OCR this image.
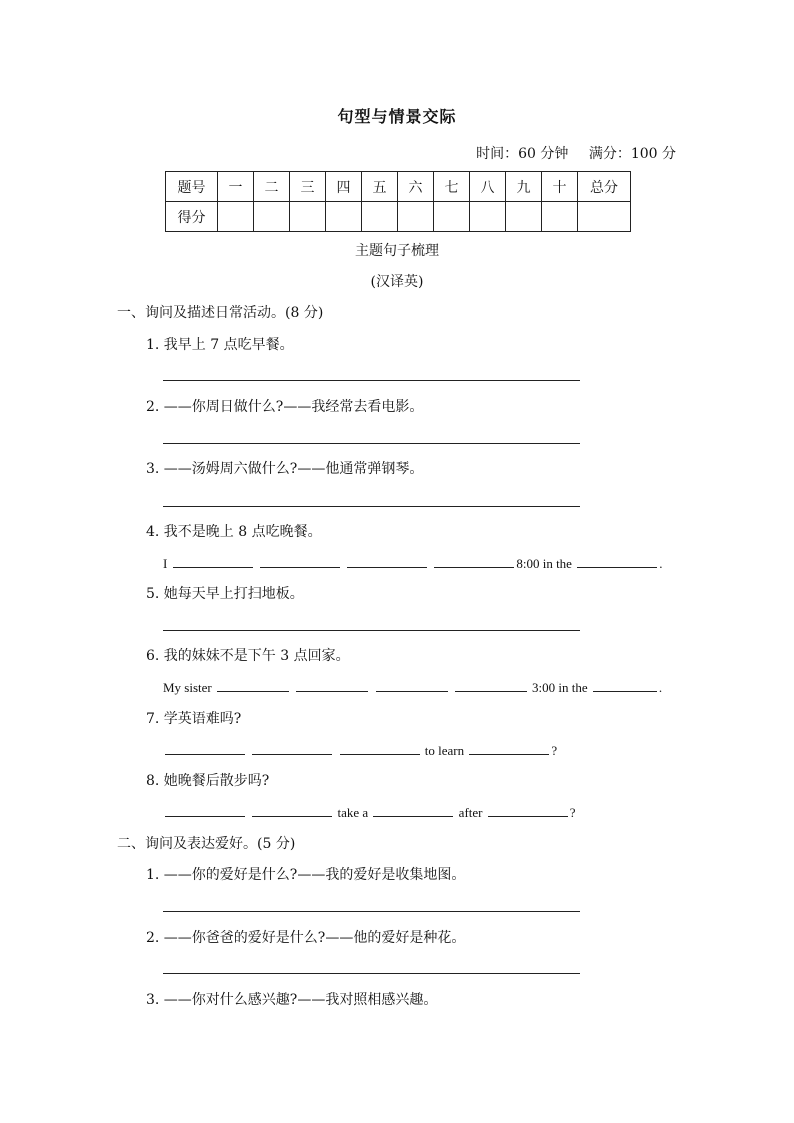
句型与情景交际
时间：60 分钟 满分：100 分
题号	一	二	三	四	五	六	七	八	九	十	总分
得分											
主题句子梳理
(汉译英)
一、询问及描述日常活动。(8 分)
1. 我早上 7 点吃早餐。
2. ——你周日做什么?——我经常去看电影。
3. ——汤姆周六做什么?——他通常弹钢琴。
4. 我不是晚上 8 点吃晚餐。
I	8:00 in the	.
5. 她每天早上打扫地板。
6. 我的妹妹不是下午 3 点回家。
My sister	3:00 in the	.
7. 学英语难吗?
to learn	?
8. 她晚餐后散步吗?
take a	after	?
二、询问及表达爱好。(5 分)
1. ——你的爱好是什么?——我的爱好是收集地图。
2. ——你爸爸的爱好是什么?——他的爱好是种花。
3. ——你对什么感兴趣?——我对照相感兴趣。
